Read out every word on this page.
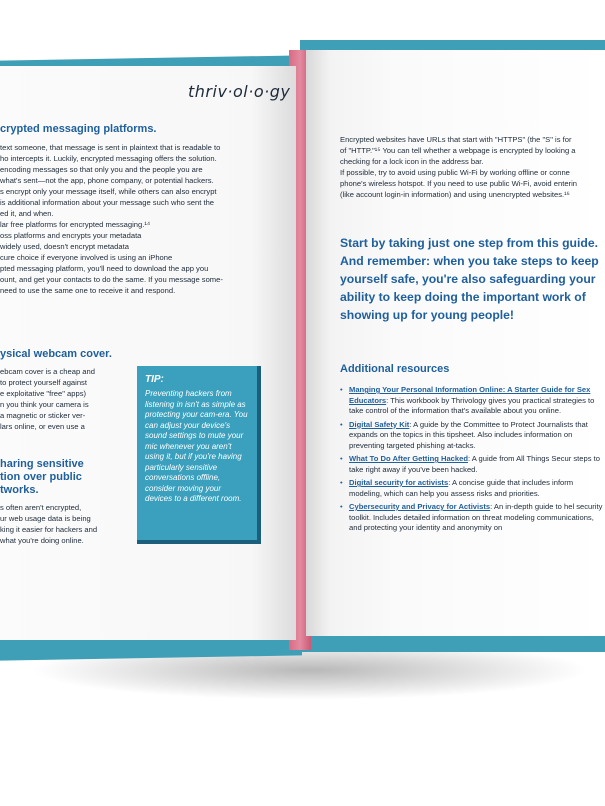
thriv·ol·o·gy
crypted messaging platforms.
text someone, that message is sent in plaintext that is readable to
ho intercepts it. Luckily, encrypted messaging offers the solution.
encoding messages so that only you and the people you are
what's sent—not the app, phone company, or potential hackers.
s encrypt only your message itself, while others can also encrypt
is additional information about your message such who sent the
ed it, and when.
lar free platforms for encrypted messaging.¹⁴
oss platforms and encrypts your metadata
widely used, doesn't encrypt metadata
cure choice if everyone involved is using an iPhone
pted messaging platform, you'll need to download the app you
ount, and get your contacts to do the same. If you message some-
need to use the same one to receive it and respond.
ysical webcam cover.
ebcam cover is a cheap and
to protect yourself against
e exploitative "free" apps)
n you think your camera is
a magnetic or sticker ver-
lars online, or even use a
haring sensitive
tion over public
tworks.
s often aren't encrypted,
ur web usage data is being
king it easier for hackers and
what you're doing online.
TIP:
Preventing hackers from listening in isn't as simple as protecting your cam-era. You can adjust your device's sound settings to mute your mic whenever you aren't using it, but if you're having particularly sensitive conversations offline, consider moving your devices to a different room.
Encrypted websites have URLs that start with "HTTPS" (the "S" is for
of "HTTP."¹⁵ You can tell whether a webpage is encrypted by looking a
checking for a lock icon in the address bar.
If possible, try to avoid using public Wi-Fi by working offline or conne
phone's wireless hotspot. If you need to use public Wi-Fi, avoid enterin
(like account login-in information) and using unencrypted websites.¹⁶
Start by taking just one step from this guide. And remember: when you take steps to keep yourself safe, you're also safeguarding your ability to keep doing the important work of showing up for young people!
Additional resources
• Manging Your Personal Information Online: A Starter Guide for Sex Educators: This workbook by Thrivology gives you practical strategies to take control of the information that's available about you online.
• Digital Safety Kit: A guide by the Committee to Protect Journalists that expands on the topics in this tipsheet. Also includes information on preventing targeted phishing at-tacks.
• What To Do After Getting Hacked: A guide from All Things Secur steps to take right away if you've been hacked.
• Digital security for activists: A concise guide that includes inform modeling, which can help you assess risks and priorities.
• Cybersecurity and Privacy for Activists: An in-depth guide to hel security toolkit. Includes detailed information on threat modeling communications, and protecting your identity and anonymity on
